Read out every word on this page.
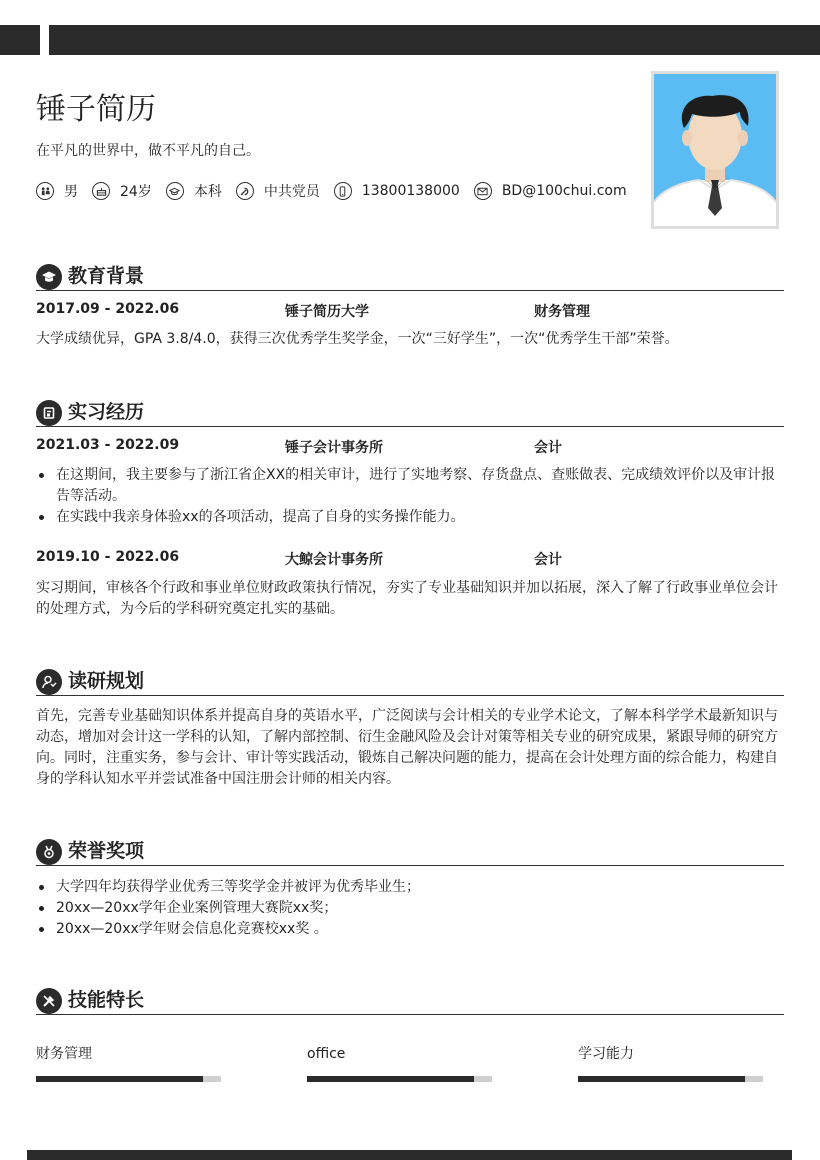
锤子简历
在平凡的世界中，做不平凡的自己。
男	24岁	本科	中共党员	13800138000	BD@100chui.com
教育背景
2017.09 - 2022.06	锤子简历大学	财务管理
大学成绩优异，GPA 3.8/4.0，获得三次优秀学生奖学金，一次“三好学生”，一次“优秀学生干部”荣誉。
实习经历
2021.03 - 2022.09	锤子会计事务所	会计
在这期间，我主要参与了浙江省企XX的相关审计，进行了实地考察、存货盘点、查账做表、完成绩效评价以及审计报告等活动。
在实践中我亲身体验xx的各项活动，提高了自身的实务操作能力。
2019.10 - 2022.06	大鲸会计事务所	会计
实习期间，审核各个行政和事业单位财政政策执行情况，夯实了专业基础知识并加以拓展，深入了解了行政事业单位会计的处理方式，为今后的学科研究奠定扎实的基础。
读研规划
首先，完善专业基础知识体系并提高自身的英语水平，广泛阅读与会计相关的专业学术论文，了解本科学学术最新知识与动态，增加对会计这一学科的认知，了解内部控制、衍生金融风险及会计对策等相关专业的研究成果，紧跟导师的研究方向。同时，注重实务，参与会计、审计等实践活动，锻炼自己解决问题的能力，提高在会计处理方面的综合能力，构建自身的学科认知水平并尝试准备中国注册会计师的相关内容。
荣誉奖项
大学四年均获得学业优秀三等奖学金并被评为优秀毕业生；
20xx—20xx学年企业案例管理大赛院xx奖；
20xx—20xx学年财会信息化竞赛校xx奖 。
技能特长
财务管理	office	学习能力
